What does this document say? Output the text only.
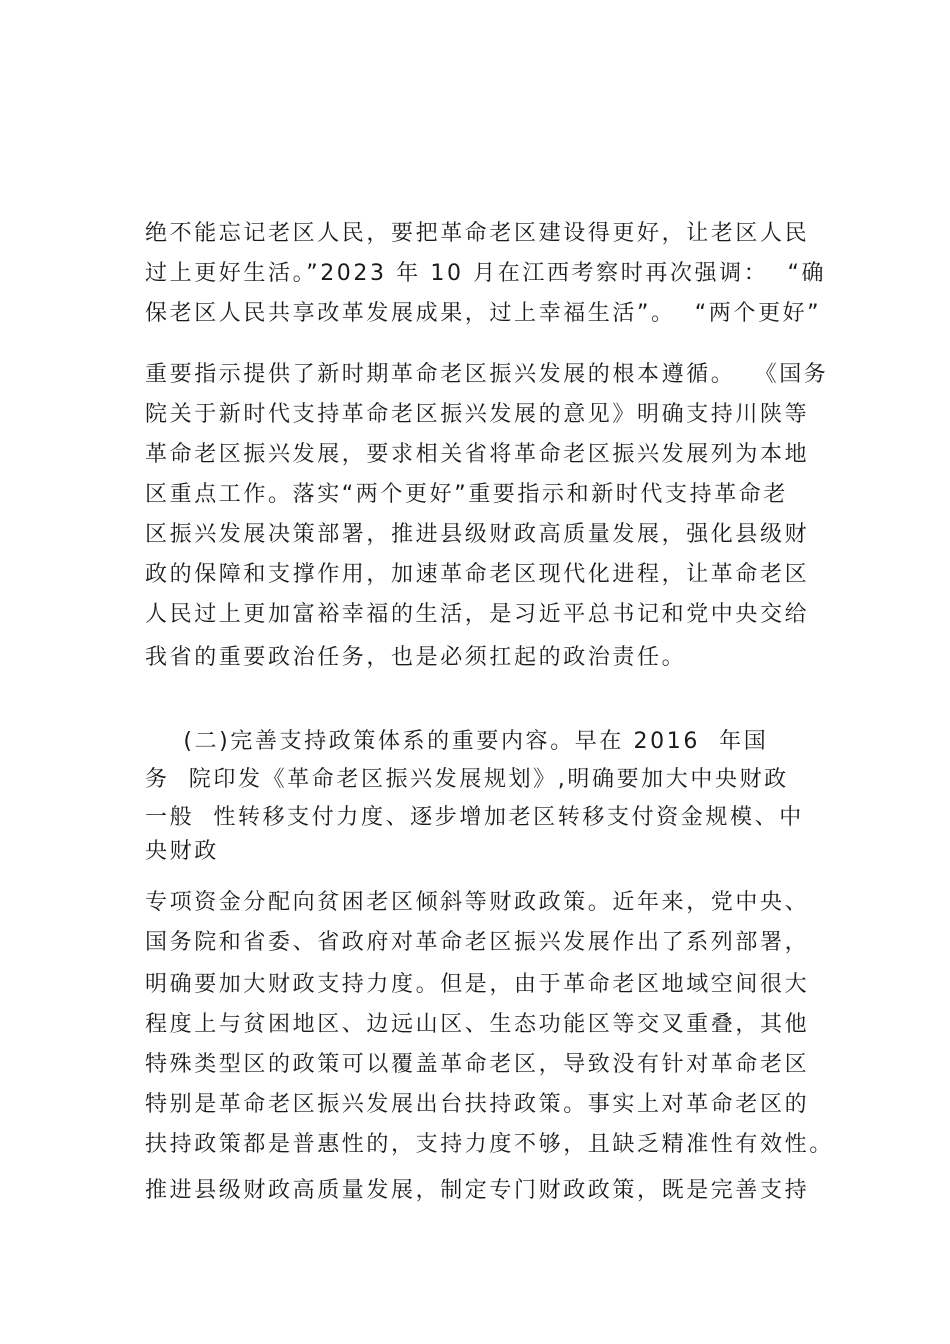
绝不能忘记老区人民，要把革命老区建设得更好，让老区人民
过上更好生活。”2023 年 10 月在江西考察时再次强调：  “确
保老区人民共享改革发展成果，过上幸福生活”。  “两个更好”
重要指示提供了新时期革命老区振兴发展的根本遵循。  《国务
院关于新时代支持革命老区振兴发展的意见》明确支持川陕等
革命老区振兴发展，要求相关省将革命老区振兴发展列为本地
区重点工作。落实“两个更好”重要指示和新时代支持革命老
区振兴发展决策部署，推进县级财政高质量发展，强化县级财
政的保障和支撑作用，加速革命老区现代化进程，让革命老区
人民过上更加富裕幸福的生活，是习近平总书记和党中央交给
我省的重要政治任务，也是必须扛起的政治责任。
(二)完善支持政策体系的重要内容。早在 2016  年国
务  院印发《革命老区振兴发展规划》,明确要加大中央财政
一般  性转移支付力度、逐步增加老区转移支付资金规模、中
央财政
专项资金分配向贫困老区倾斜等财政政策。近年来，党中央、
国务院和省委、省政府对革命老区振兴发展作出了系列部署，
明确要加大财政支持力度。但是，由于革命老区地域空间很大
程度上与贫困地区、边远山区、生态功能区等交叉重叠，其他
特殊类型区的政策可以覆盖革命老区，导致没有针对革命老区
特别是革命老区振兴发展出台扶持政策。事实上对革命老区的
扶持政策都是普惠性的，支持力度不够，且缺乏精准性有效性。
推进县级财政高质量发展，制定专门财政政策，既是完善支持
